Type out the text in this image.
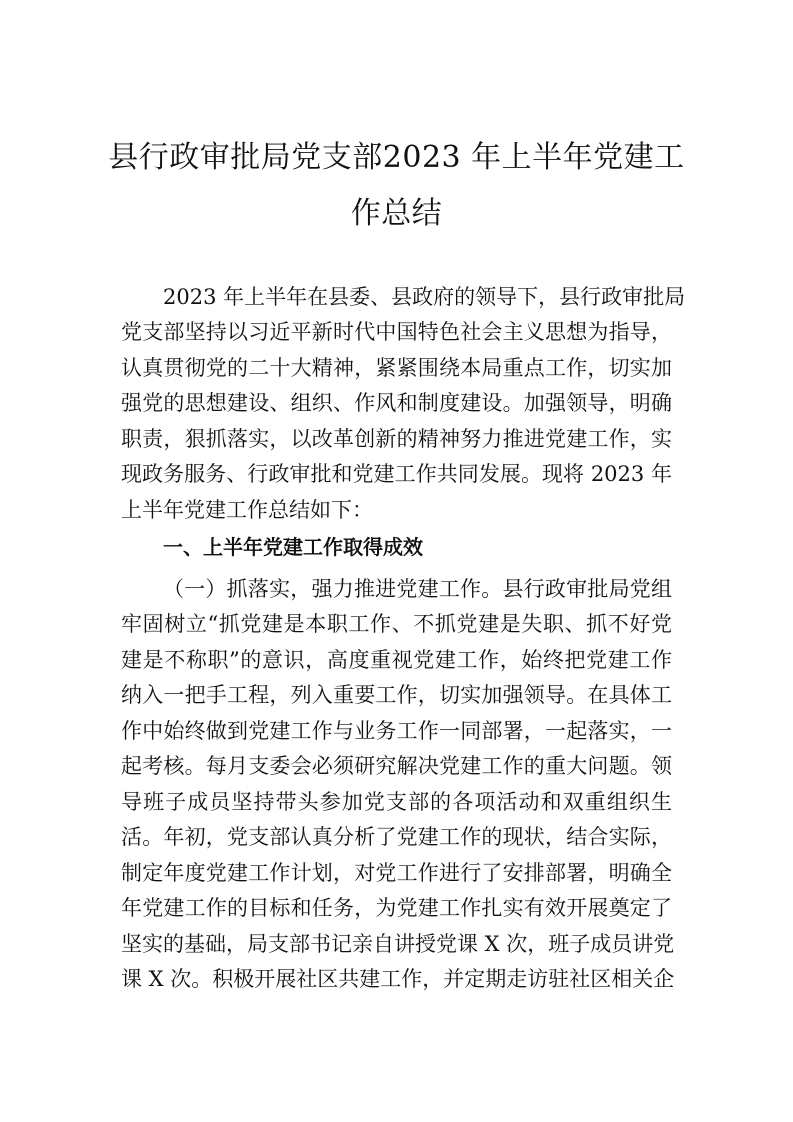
县行政审批局党支部2023 年上半年党建工
作总结
2023 年上半年在县委、县政府的领导下，县行政审批局
党支部坚持以习近平新时代中国特色社会主义思想为指导，
认真贯彻党的二十大精神，紧紧围绕本局重点工作，切实加
强党的思想建设、组织、作风和制度建设。加强领导，明确
职责，狠抓落实，以改革创新的精神努力推进党建工作，实
现政务服务、行政审批和党建工作共同发展。现将 2023 年
上半年党建工作总结如下：
一、上半年党建工作取得成效
（一）抓落实，强力推进党建工作。县行政审批局党组
牢固树立“抓党建是本职工作、不抓党建是失职、抓不好党
建是不称职”的意识，高度重视党建工作，始终把党建工作
纳入一把手工程，列入重要工作，切实加强领导。在具体工
作中始终做到党建工作与业务工作一同部署，一起落实，一
起考核。每月支委会必须研究解决党建工作的重大问题。领
导班子成员坚持带头参加党支部的各项活动和双重组织生
活。年初，党支部认真分析了党建工作的现状，结合实际，
制定年度党建工作计划，对党工作进行了安排部署，明确全
年党建工作的目标和任务，为党建工作扎实有效开展奠定了
坚实的基础，局支部书记亲自讲授党课 X 次，班子成员讲党
课 X 次。积极开展社区共建工作，并定期走访驻社区相关企
